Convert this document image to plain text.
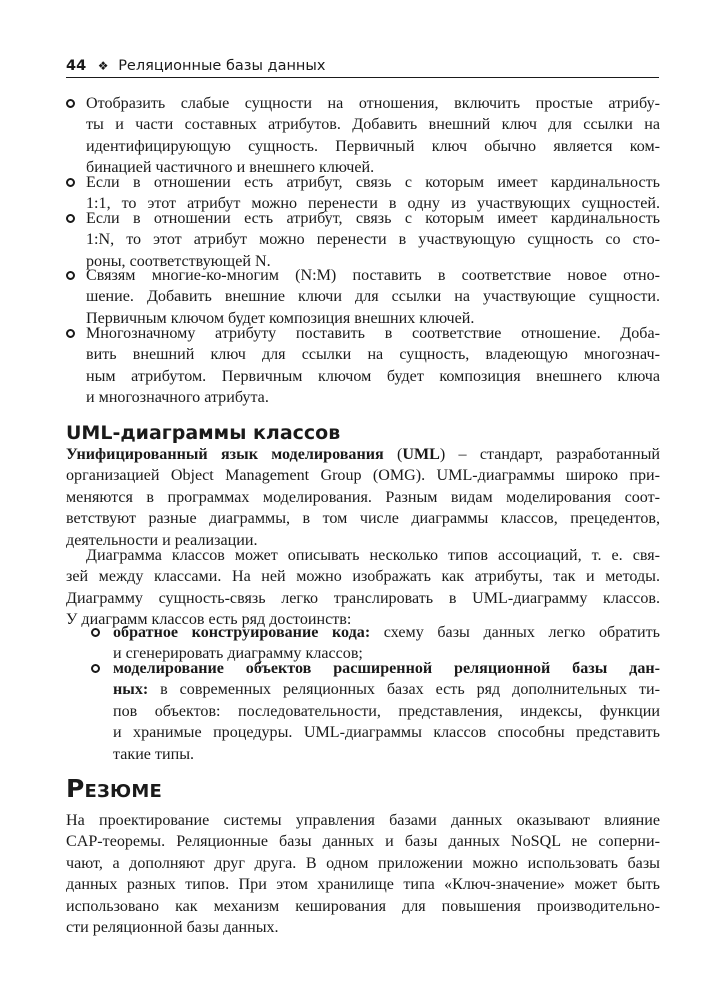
44 ❖ Реляционные базы данных
Отобразить слабые сущности на отношения, включить простые атрибу-
ты и части составных атрибутов. Добавить внешний ключ для ссылки на
идентифицирующую сущность. Первичный ключ обычно является ком-
бинацией частичного и внешнего ключей.
Если в отношении есть атрибут, связь с которым имеет кардинальность
1:1, то этот атрибут можно перенести в одну из участвующих сущностей.
Если в отношении есть атрибут, связь с которым имеет кардинальность
1:N, то этот атрибут можно перенести в участвующую сущность со сто-
роны, соответствующей N.
Связям многие-ко-многим (N:M) поставить в соответствие новое отно-
шение. Добавить внешние ключи для ссылки на участвующие сущности.
Первичным ключом будет композиция внешних ключей.
Многозначному атрибуту поставить в соответствие отношение. Доба-
вить внешний ключ для ссылки на сущность, владеющую многознач-
ным атрибутом. Первичным ключом будет композиция внешнего ключа
и многозначного атрибута.
UML-диаграммы классов
Унифицированный язык моделирования (UML) – стандарт, разработанный
организацией Object Management Group (OMG). UML-диаграммы широко при-
меняются в программах моделирования. Разным видам моделирования соот-
ветствуют разные диаграммы, в том числе диаграммы классов, прецедентов,
деятельности и реализации.
Диаграмма классов может описывать несколько типов ассоциаций, т. е. свя-
зей между классами. На ней можно изображать как атрибуты, так и методы.
Диаграмму сущность-связь легко транслировать в UML-диаграмму классов.
У диаграмм классов есть ряд достоинств:
обратное конструирование кода: схему базы данных легко обратить
и сгенерировать диаграмму классов;
моделирование объектов расширенной реляционной базы дан-
ных: в современных реляционных базах есть ряд дополнительных ти-
пов объектов: последовательности, представления, индексы, функции
и хранимые процедуры. UML-диаграммы классов способны представить
такие типы.
Резюме
На проектирование системы управления базами данных оказывают влияние
CAP-теоремы. Реляционные базы данных и базы данных NoSQL не соперни-
чают, а дополняют друг друга. В одном приложении можно использовать базы
данных разных типов. При этом хранилище типа «Ключ-значение» может быть
использовано как механизм кеширования для повышения производительно-
сти реляционной базы данных.
